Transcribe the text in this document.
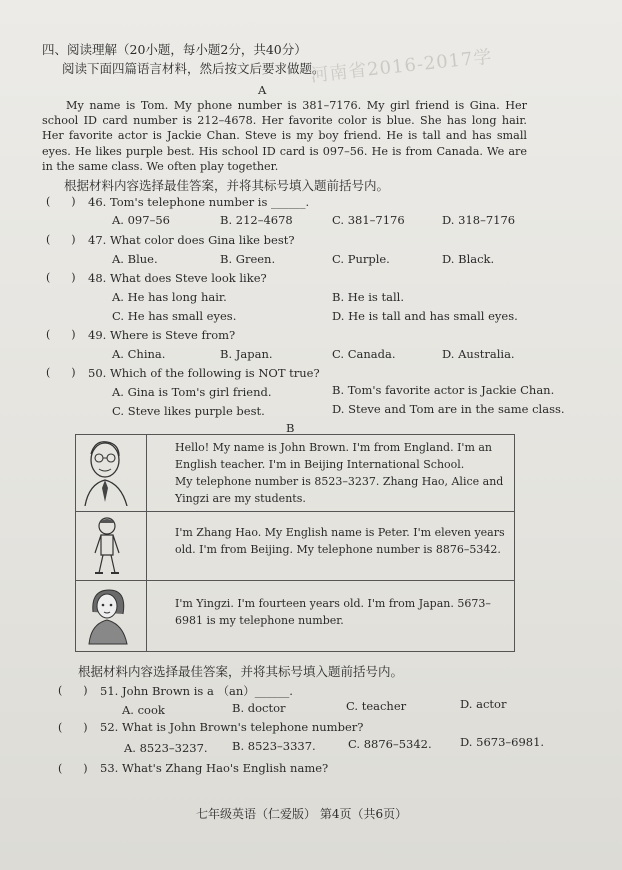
河南省2016-2017学
四、阅读理解（20小题，每小题2分，共40分）
阅读下面四篇语言材料，然后按文后要求做题。
A
My name is Tom. My phone number is 381–7176. My girl friend is Gina. Her school ID card number is 212–4678. Her favorite color is blue. She has long hair. Her favorite actor is Jackie Chan. Steve is my boy friend. He is tall and has small eyes. He likes purple best. His school ID card is 097–56. He is from Canada. We are in the same class. We often play together.
根据材料内容选择最佳答案，并将其标号填入题前括号内。
(      ) 46. Tom's telephone number is ______.
A. 097–56	B. 212–4678	C. 381–7176	D. 318–7176
(      ) 47. What color does Gina like best?
A. Blue.	B. Green.	C. Purple.	D. Black.
(      ) 48. What does Steve look like?
A. He has long hair.	B. He is tall.
C. He has small eyes.	D. He is tall and has small eyes.
(      ) 49. Where is Steve from?
A. China.	B. Japan.	C. Canada.	D. Australia.
(      ) 50. Which of the following is NOT true?
A. Gina is Tom's girl friend.	B. Tom's favorite actor is Jackie Chan.
C. Steve likes purple best.	D. Steve and Tom are in the same class.
B

Hello! My name is John Brown. I'm from England. I'm an English teacher. I'm in Beijing International School.
My telephone number is 8523–3237. Zhang Hao, Alice and Yingzi are my students.

I'm Zhang Hao. My English name is Peter. I'm eleven years old. I'm from Beijing. My telephone number is 8876–5342.

I'm Yingzi. I'm fourteen years old. I'm from Japan. 5673–6981 is my telephone number.
根据材料内容选择最佳答案，并将其标号填入题前括号内。
(      ) 51. John Brown is a （an）______.
A. cook	B. doctor	C. teacher	D. actor
(      ) 52. What is John Brown's telephone number?
A. 8523–3237. B. 8523–3337.	C. 8876–5342. D. 5673–6981.
(      ) 53. What's Zhang Hao's English name?
七年级英语（仁爱版） 第4页（共6页）
